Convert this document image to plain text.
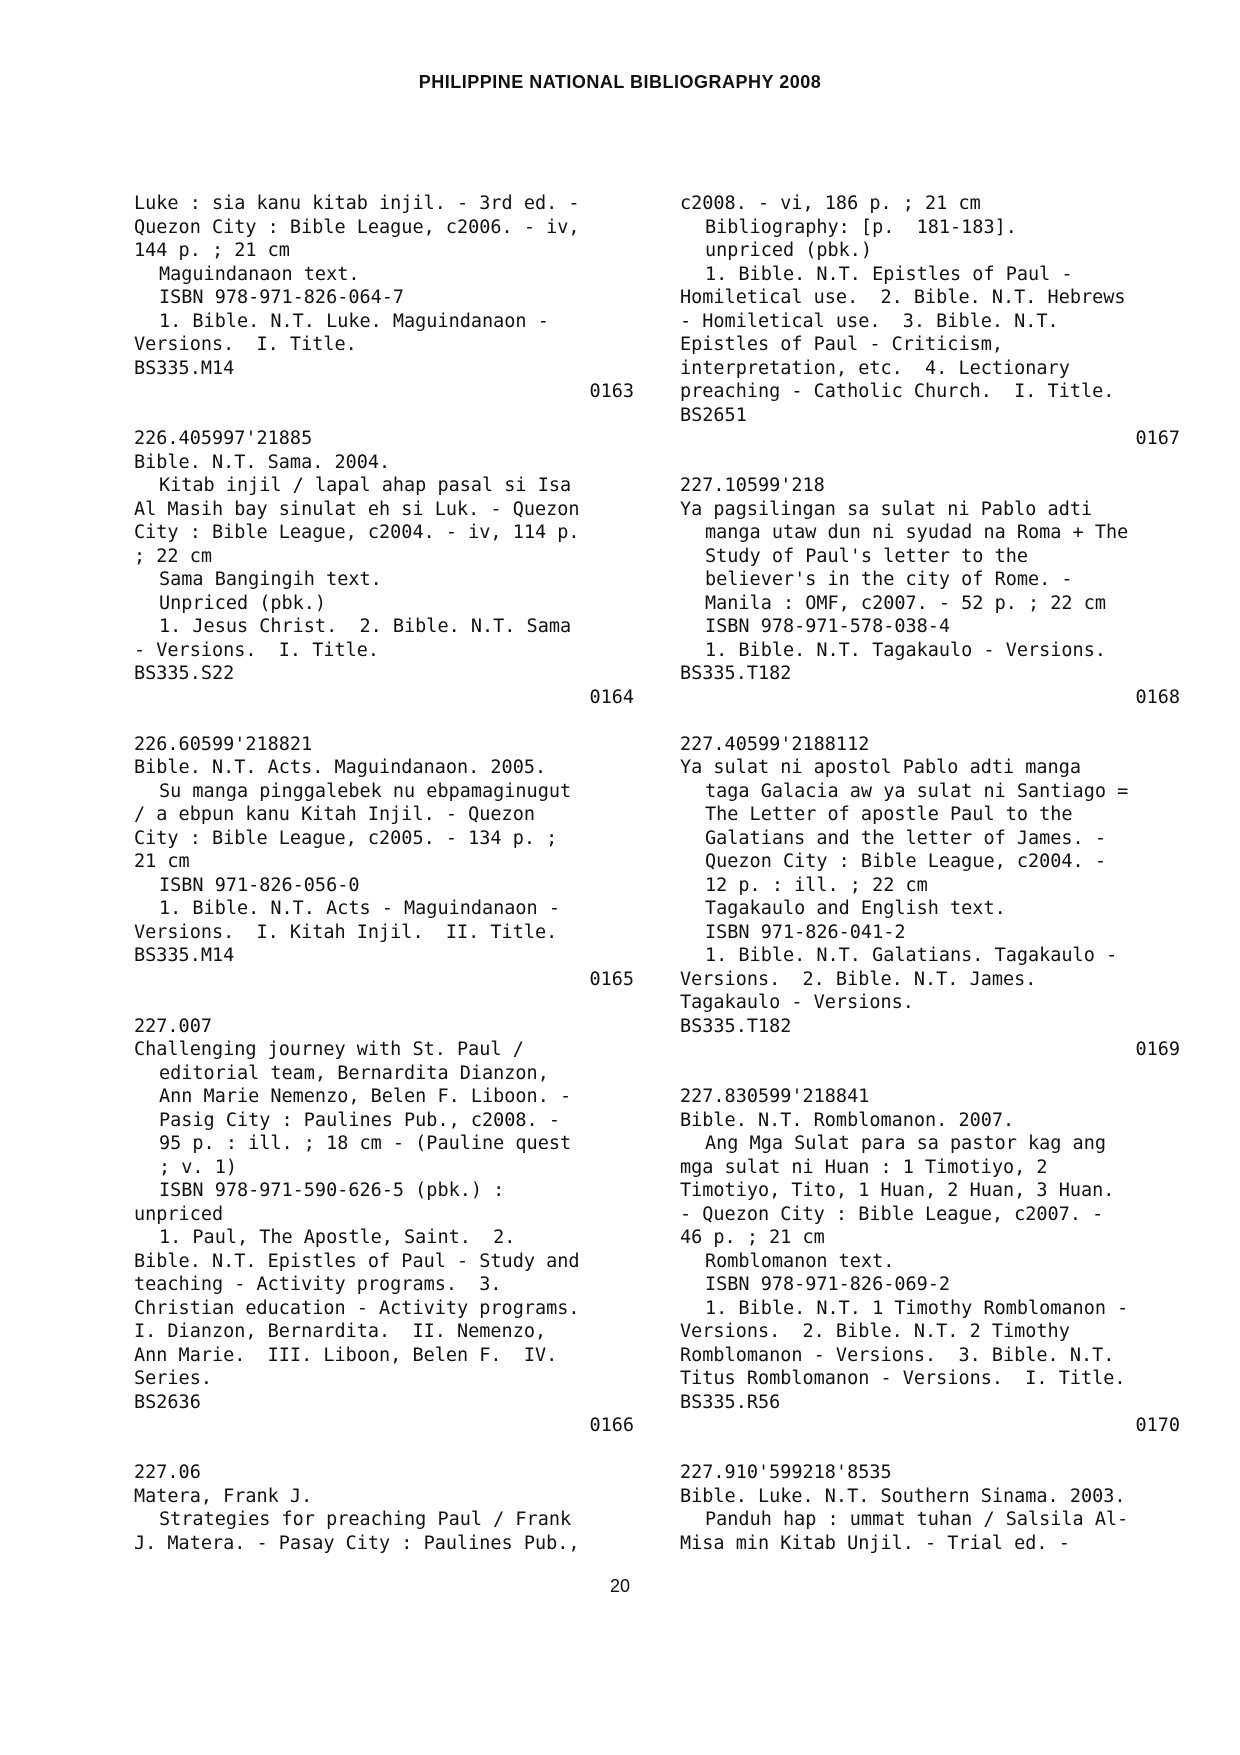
PHILIPPINE NATIONAL BIBLIOGRAPHY 2008
Luke : sia kanu kitab injil. - 3rd ed. -
Quezon City : Bible League, c2006. - iv,
144 p. ; 21 cm
Maguindanaon text.
ISBN 978-971-826-064-7
1. Bible. N.T. Luke. Maguindanaon -
Versions.  I. Title.
BS335.M14
0163
226.405997'21885
Bible. N.T. Sama. 2004.
Kitab injil / lapal ahap pasal si Isa
Al Masih bay sinulat eh si Luk. - Quezon
City : Bible League, c2004. - iv, 114 p.
; 22 cm
Sama Bangingih text.
Unpriced (pbk.)
1. Jesus Christ.  2. Bible. N.T. Sama
- Versions.  I. Title.
BS335.S22
0164
226.60599'218821
Bible. N.T. Acts. Maguindanaon. 2005.
Su manga pinggalebek nu ebpamaginugut
/ a ebpun kanu Kitah Injil. - Quezon
City : Bible League, c2005. - 134 p. ;
21 cm
ISBN 971-826-056-0
1. Bible. N.T. Acts - Maguindanaon -
Versions.  I. Kitah Injil.  II. Title.
BS335.M14
0165
227.007
Challenging journey with St. Paul /
editorial team, Bernardita Dianzon,
Ann Marie Nemenzo, Belen F. Liboon. -
Pasig City : Paulines Pub., c2008. -
95 p. : ill. ; 18 cm - (Pauline quest
; v. 1)
ISBN 978-971-590-626-5 (pbk.) :
unpriced
1. Paul, The Apostle, Saint.  2.
Bible. N.T. Epistles of Paul - Study and
teaching - Activity programs.  3.
Christian education - Activity programs.
I. Dianzon, Bernardita.  II. Nemenzo,
Ann Marie.  III. Liboon, Belen F.  IV.
Series.
BS2636
0166
227.06
Matera, Frank J.
Strategies for preaching Paul / Frank
J. Matera. - Pasay City : Paulines Pub.,
c2008. - vi, 186 p. ; 21 cm
Bibliography: [p.  181-183].
unpriced (pbk.)
1. Bible. N.T. Epistles of Paul -
Homiletical use.  2. Bible. N.T. Hebrews
- Homiletical use.  3. Bible. N.T.
Epistles of Paul - Criticism,
interpretation, etc.  4. Lectionary
preaching - Catholic Church.  I. Title.
BS2651
0167
227.10599'218
Ya pagsilingan sa sulat ni Pablo adti
manga utaw dun ni syudad na Roma + The
Study of Paul's letter to the
believer's in the city of Rome. -
Manila : OMF, c2007. - 52 p. ; 22 cm
ISBN 978-971-578-038-4
1. Bible. N.T. Tagakaulo - Versions.
BS335.T182
0168
227.40599'2188112
Ya sulat ni apostol Pablo adti manga
taga Galacia aw ya sulat ni Santiago =
The Letter of apostle Paul to the
Galatians and the letter of James. -
Quezon City : Bible League, c2004. -
12 p. : ill. ; 22 cm
Tagakaulo and English text.
ISBN 971-826-041-2
1. Bible. N.T. Galatians. Tagakaulo -
Versions.  2. Bible. N.T. James.
Tagakaulo - Versions.
BS335.T182
0169
227.830599'218841
Bible. N.T. Romblomanon. 2007.
Ang Mga Sulat para sa pastor kag ang
mga sulat ni Huan : 1 Timotiyo, 2
Timotiyo, Tito, 1 Huan, 2 Huan, 3 Huan.
- Quezon City : Bible League, c2007. -
46 p. ; 21 cm
Romblomanon text.
ISBN 978-971-826-069-2
1. Bible. N.T. 1 Timothy Romblomanon -
Versions.  2. Bible. N.T. 2 Timothy
Romblomanon - Versions.  3. Bible. N.T.
Titus Romblomanon - Versions.  I. Title.
BS335.R56
0170
227.910'599218'8535
Bible. Luke. N.T. Southern Sinama. 2003.
Panduh hap : ummat tuhan / Salsila Al-
Misa min Kitab Unjil. - Trial ed. -
20
